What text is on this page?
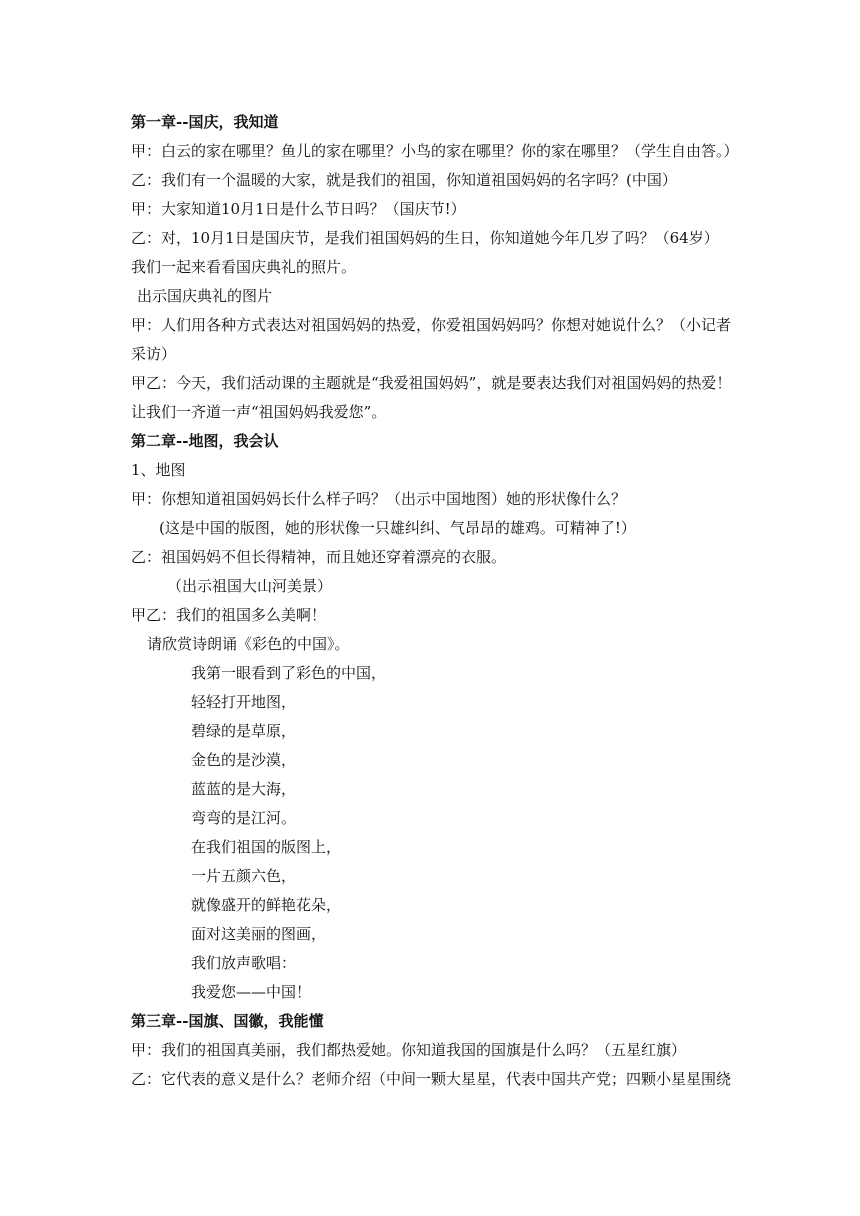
第一章--国庆，我知道
甲：白云的家在哪里？鱼儿的家在哪里？小鸟的家在哪里？你的家在哪里？（学生自由答。）
乙：我们有一个温暖的大家，就是我们的祖国，你知道祖国妈妈的名字吗？(中国）
甲：大家知道10月1日是什么节日吗？（国庆节!）
乙：对，10月1日是国庆节，是我们祖国妈妈的生日，你知道她今年几岁了吗？（64岁）
我们一起来看看国庆典礼的照片。
出示国庆典礼的图片
甲：人们用各种方式表达对祖国妈妈的热爱，你爱祖国妈妈吗？你想对她说什么？（小记者
采访）
甲乙：今天，我们活动课的主题就是“我爱祖国妈妈”，就是要表达我们对祖国妈妈的热爱！
让我们一齐道一声“祖国妈妈我爱您”。
第二章--地图，我会认
1、地图
甲：你想知道祖国妈妈长什么样子吗？（出示中国地图）她的形状像什么？
(这是中国的版图，她的形状像一只雄纠纠、气昂昂的雄鸡。可精神了!）
乙：祖国妈妈不但长得精神，而且她还穿着漂亮的衣服。
（出示祖国大山河美景）
甲乙：我们的祖国多么美啊！
请欣赏诗朗诵《彩色的中国》。
我第一眼看到了彩色的中国，
轻轻打开地图，
碧绿的是草原，
金色的是沙漠，
蓝蓝的是大海，
弯弯的是江河。
在我们祖国的版图上，
一片五颜六色，
就像盛开的鲜艳花朵，
面对这美丽的图画，
我们放声歌唱：
我爱您——中国！
第三章--国旗、国徽，我能懂
甲：我们的祖国真美丽，我们都热爱她。你知道我国的国旗是什么吗？（五星红旗）
乙：它代表的意义是什么？老师介绍（中间一颗大星星，代表中国共产党；四颗小星星围绕
